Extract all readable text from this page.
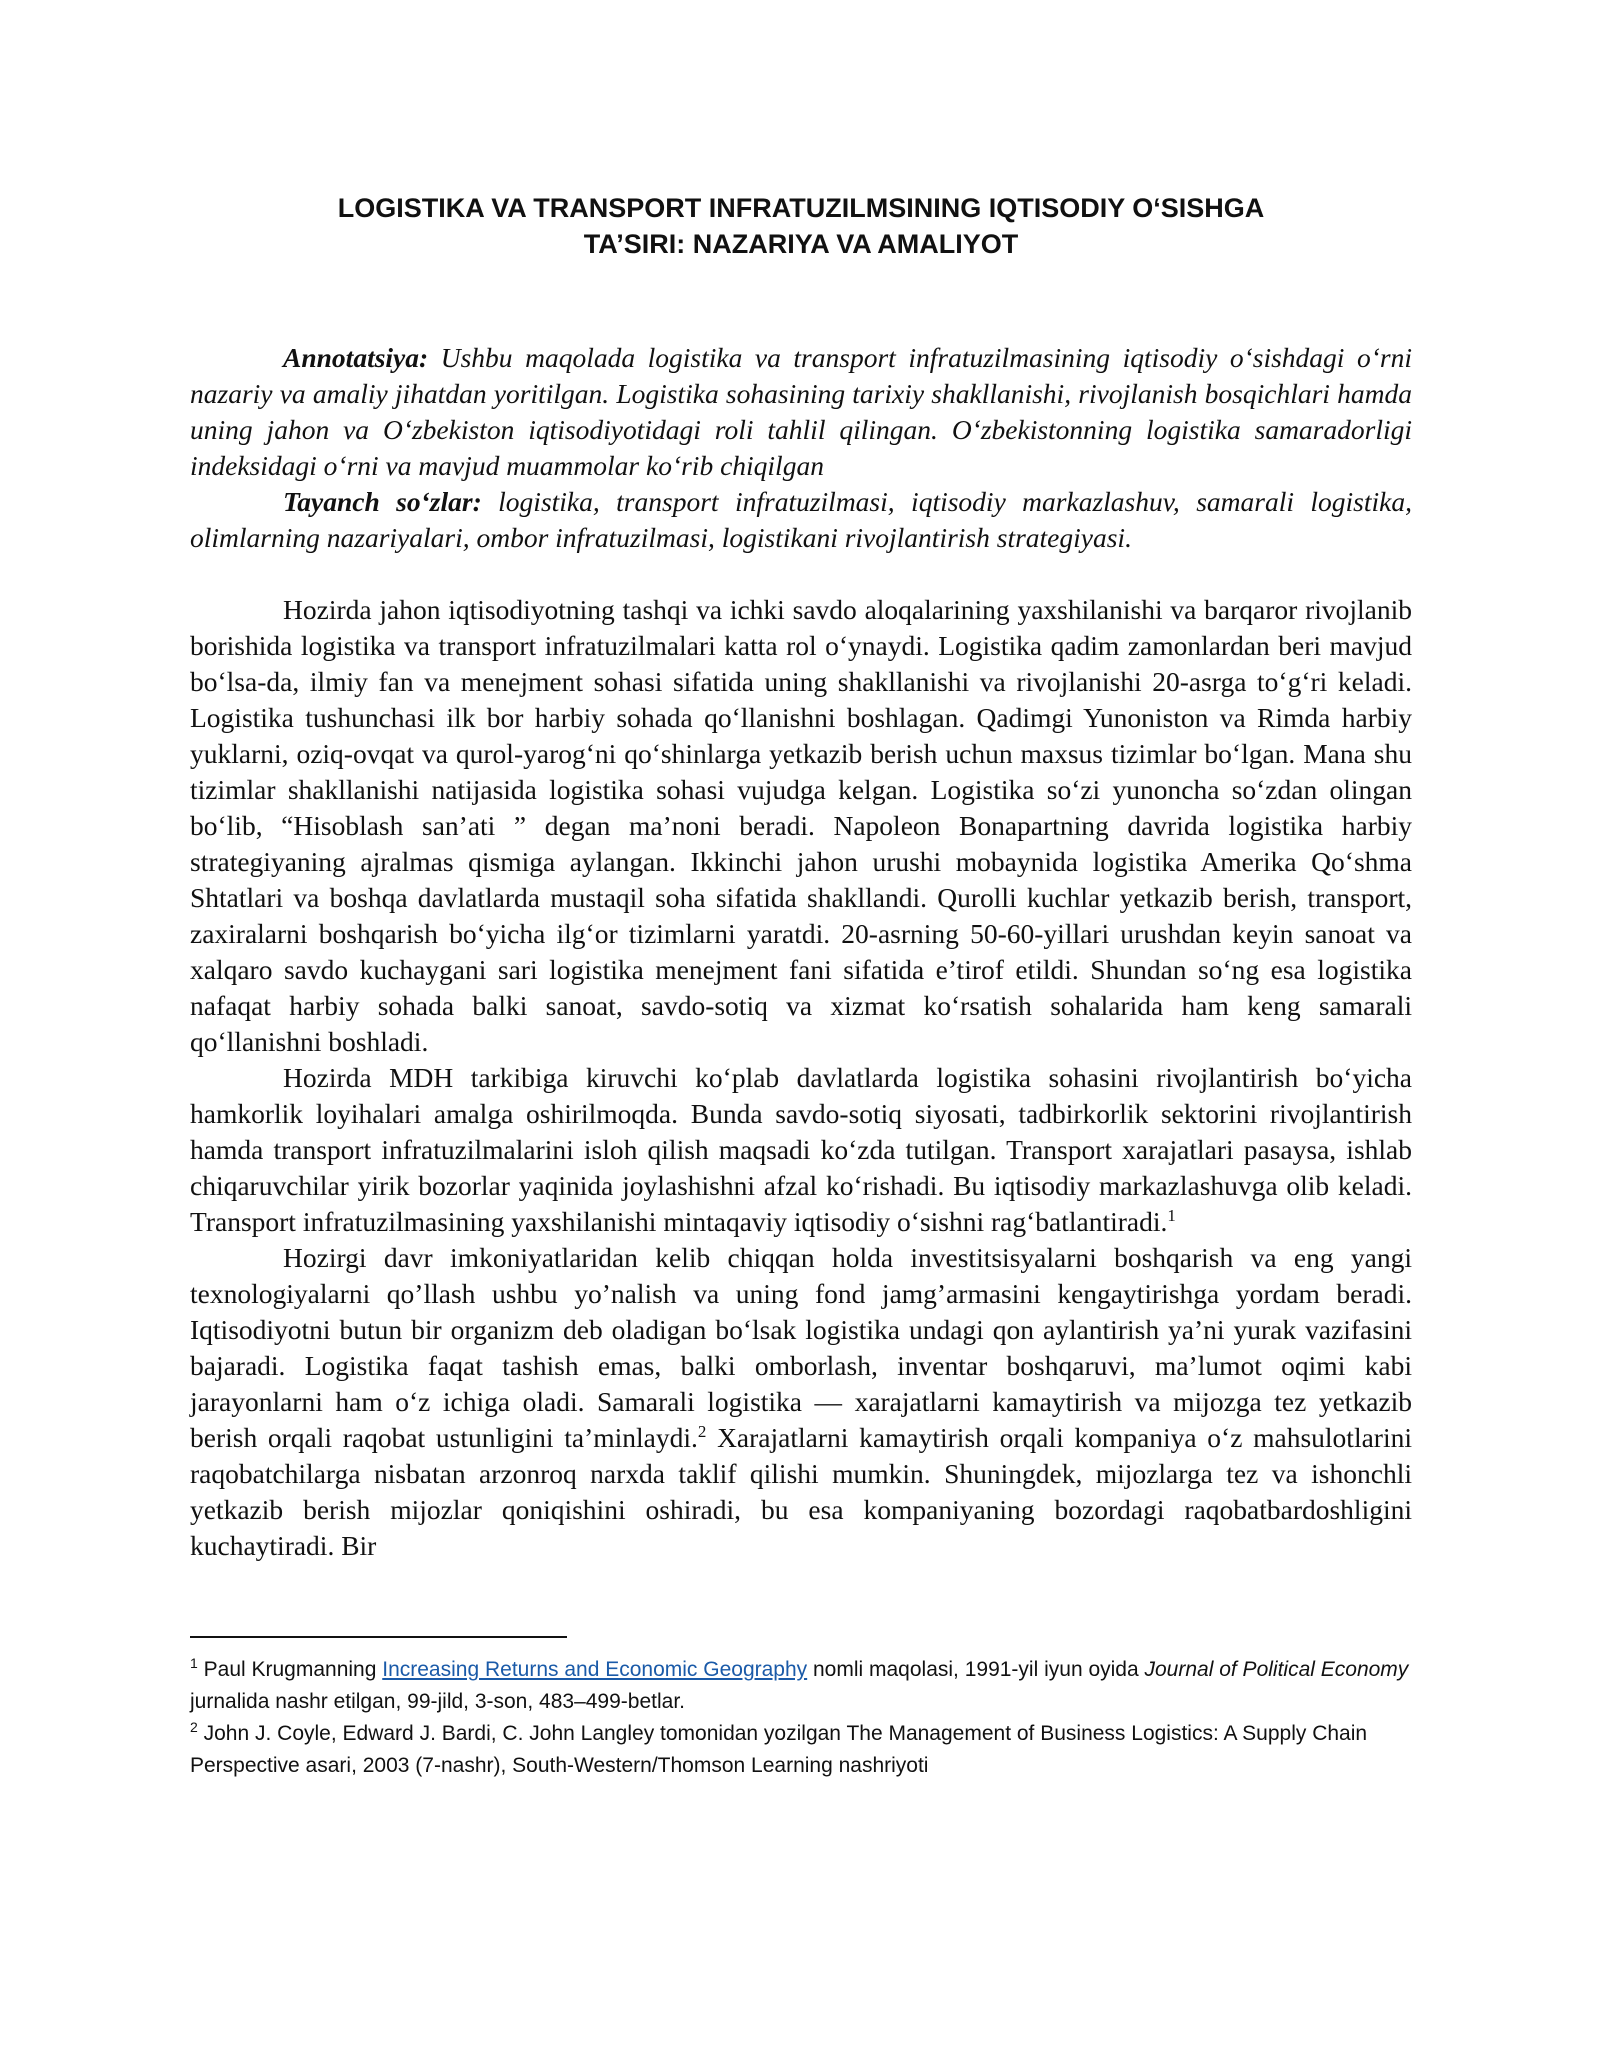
LOGISTIKA VA TRANSPORT INFRATUZILMSINING IQTISODIY O‘SISHGA
TA’SIRI: NAZARIYA VA AMALIYOT

Annotatsiya: Ushbu maqolada logistika va transport infratuzilmasining iqtisodiy o‘sishdagi o‘rni nazariy va amaliy jihatdan yoritilgan. Logistika sohasining tarixiy shakllanishi, rivojlanish bosqichlari hamda uning jahon va O‘zbekiston iqtisodiyotidagi roli tahlil qilingan. O‘zbekistonning logistika samaradorligi indeksidagi o‘rni va mavjud muammolar ko‘rib chiqilgan

Tayanch so‘zlar: logistika, transport infratuzilmasi, iqtisodiy markazlashuv, samarali logistika, olimlarning nazariyalari, ombor infratuzilmasi, logistikani rivojlantirish strategiyasi.

Hozirda jahon iqtisodiyotning tashqi va ichki savdo aloqalarining yaxshilanishi va barqaror rivojlanib borishida logistika va transport infratuzilmalari katta rol o‘ynaydi. Logistika qadim zamonlardan beri mavjud bo‘lsa-da, ilmiy fan va menejment sohasi sifatida uning shakllanishi va rivojlanishi 20-asrga to‘g‘ri keladi. Logistika tushunchasi ilk bor harbiy sohada qo‘llanishni boshlagan. Qadimgi Yunoniston va Rimda harbiy yuklarni, oziq-ovqat va qurol-yarog‘ni qo‘shinlarga yetkazib berish uchun maxsus tizimlar bo‘lgan. Mana shu tizimlar shakllanishi natijasida logistika sohasi vujudga kelgan. Logistika so‘zi yunoncha so‘zdan olingan bo‘lib, “Hisoblash san’ati ” degan ma’noni beradi. Napoleon Bonapartning davrida logistika harbiy strategiyaning ajralmas qismiga aylangan. Ikkinchi jahon urushi mobaynida logistika Amerika Qo‘shma Shtatlari va boshqa davlatlarda mustaqil soha sifatida shakllandi. Qurolli kuchlar yetkazib berish, transport, zaxiralarni boshqarish bo‘yicha ilg‘or tizimlarni yaratdi. 20-asrning 50-60-yillari urushdan keyin sanoat va xalqaro savdo kuchaygani sari logistika menejment fani sifatida e’tirof etildi. Shundan so‘ng esa logistika nafaqat harbiy sohada balki sanoat, savdo-sotiq va xizmat ko‘rsatish sohalarida ham keng samarali qo‘llanishni boshladi.

Hozirda MDH tarkibiga kiruvchi ko‘plab davlatlarda logistika sohasini rivojlantirish bo‘yicha hamkorlik loyihalari amalga oshirilmoqda. Bunda savdo-sotiq siyosati, tadbirkorlik sektorini rivojlantirish hamda transport infratuzilmalarini isloh qilish maqsadi ko‘zda tutilgan. Transport xarajatlari pasaysa, ishlab chiqaruvchilar yirik bozorlar yaqinida joylashishni afzal ko‘rishadi. Bu iqtisodiy markazlashuvga olib keladi. Transport infratuzilmasining yaxshilanishi mintaqaviy iqtisodiy o‘sishni rag‘batlantiradi.$^1$

Hozirgi davr imkoniyatlaridan kelib chiqqan holda investitsisyalarni boshqarish va eng yangi texnologiyalarni qo’llash ushbu yo’nalish va uning fond jamg’armasini kengaytirishga yordam beradi. Iqtisodiyotni butun bir organizm deb oladigan bo‘lsak logistika undagi qon aylantirish ya’ni yurak vazifasini bajaradi. Logistika faqat tashish emas, balki omborlash, inventar boshqaruvi, ma’lumot oqimi kabi jarayonlarni ham o‘z ichiga oladi. Samarali logistika — xarajatlarni kamaytirish va mijozga tez yetkazib berish orqali raqobat ustunligini ta’minlaydi.$^2$ Xarajatlarni kamaytirish orqali kompaniya o‘z mahsulotlarini raqobatchilarga nisbatan arzonroq narxda taklif qilishi mumkin. Shuningdek, mijozlarga tez va ishonchli yetkazib berish mijozlar qoniqishini oshiradi, bu esa kompaniyaning bozordagi raqobatbardoshligini kuchaytiradi. Bir

$^1$ Paul Krugmanning Increasing Returns and Economic Geography nomli maqolasi, 1991-yil iyun oyida Journal of Political Economy jurnalida nashr etilgan, 99-jild, 3-son, 483–499-betlar.

$^2$ John J. Coyle, Edward J. Bardi, C. John Langley tomonidan yozilgan The Management of Business Logistics: A Supply Chain Perspective asari, 2003 (7-nashr), South-Western/Thomson Learning nashriyoti
